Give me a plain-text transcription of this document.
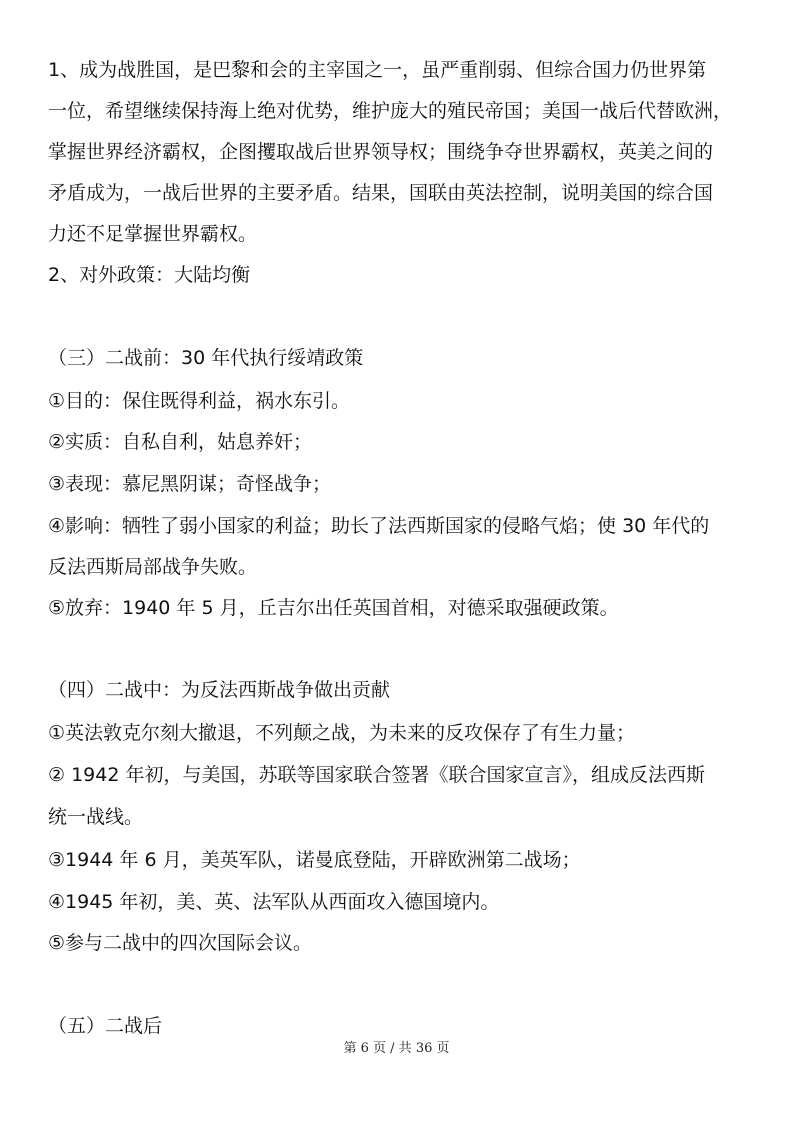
1、成为战胜国，是巴黎和会的主宰国之一，虽严重削弱、但综合国力仍世界第
一位，希望继续保持海上绝对优势，维护庞大的殖民帝国；美国一战后代替欧洲，
掌握世界经济霸权，企图攫取战后世界领导权；围绕争夺世界霸权，英美之间的
矛盾成为，一战后世界的主要矛盾。结果，国联由英法控制，说明美国的综合国
力还不足掌握世界霸权。
2、对外政策：大陆均衡
（三）二战前：30 年代执行绥靖政策
①目的：保住既得利益，祸水东引。
②实质：自私自利，姑息养奸；
③表现：慕尼黑阴谋；奇怪战争；
④影响：牺牲了弱小国家的利益；助长了法西斯国家的侵略气焰；使 30 年代的
反法西斯局部战争失败。
⑤放弃：1940 年 5 月，丘吉尔出任英国首相，对德采取强硬政策。
（四）二战中：为反法西斯战争做出贡献
①英法敦克尔刻大撤退，不列颠之战，为未来的反攻保存了有生力量；
② 1942 年初，与美国，苏联等国家联合签署《联合国家宣言》，组成反法西斯
统一战线。
③1944 年 6 月，美英军队，诺曼底登陆，开辟欧洲第二战场；
④1945 年初，美、英、法军队从西面攻入德国境内。
⑤参与二战中的四次国际会议。
（五）二战后
第 6 页 / 共 36 页
